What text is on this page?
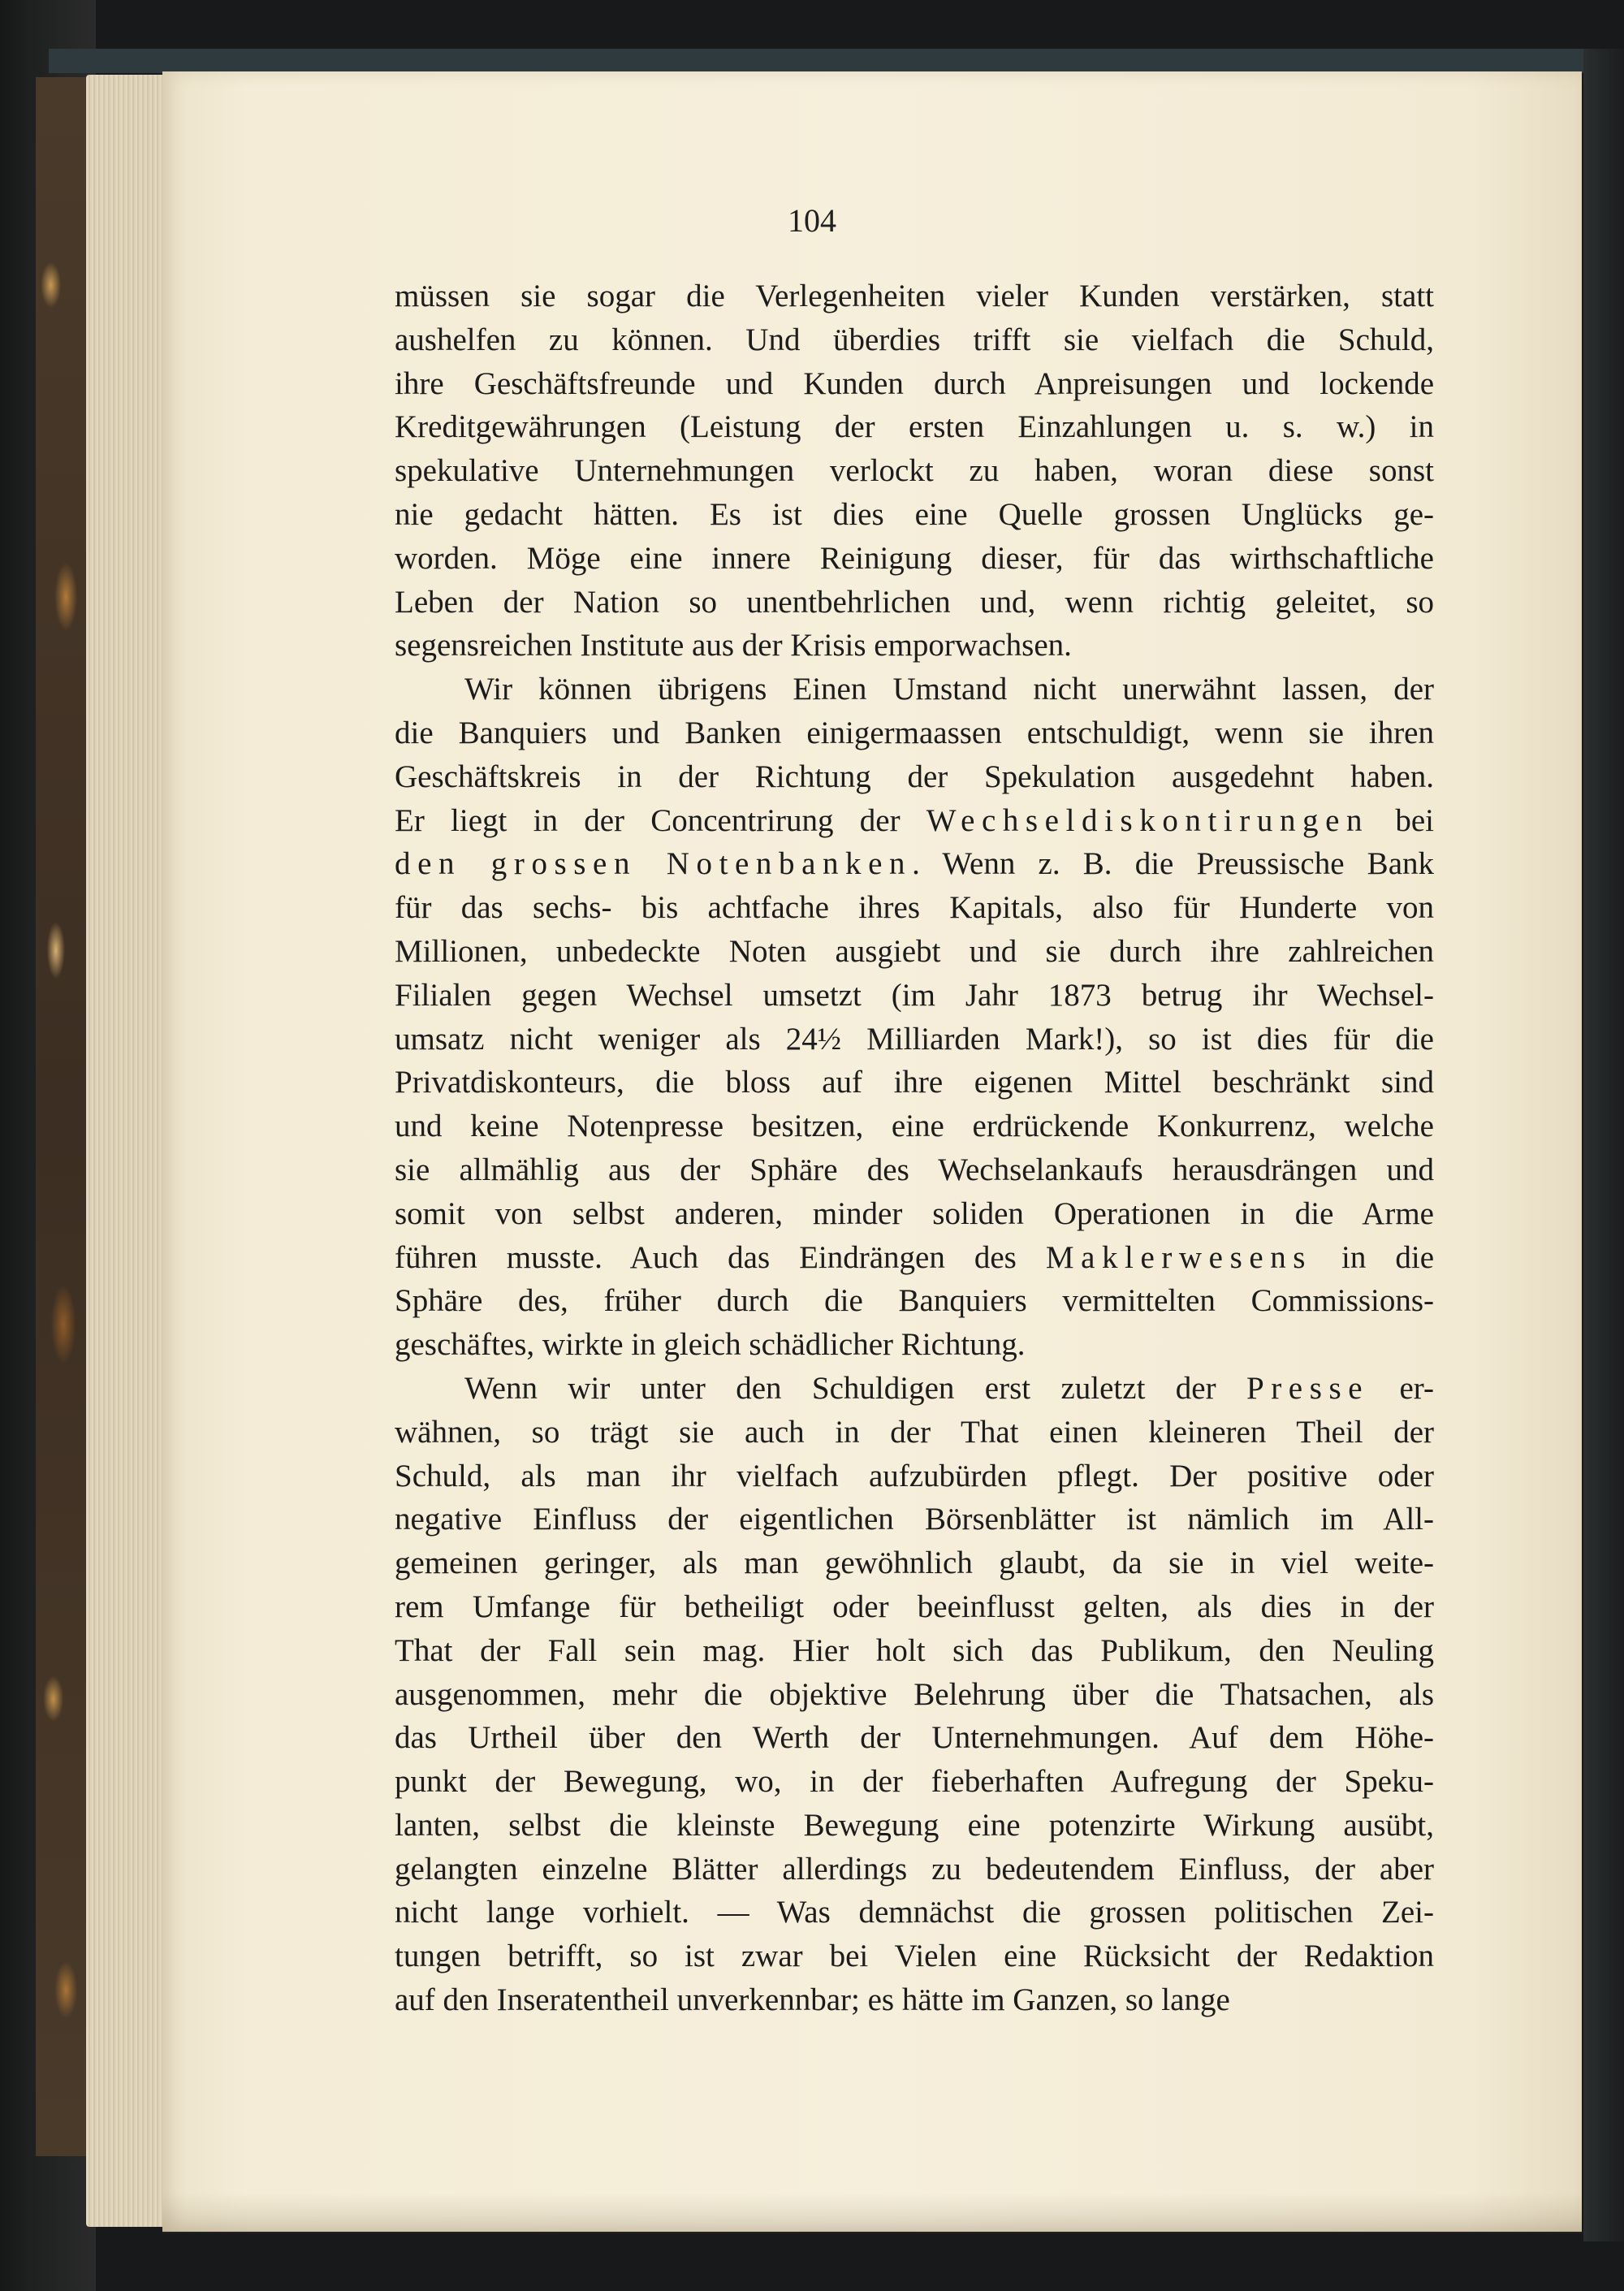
104

müssen sie sogar die Verlegenheiten vieler Kunden verstärken, statt

aushelfen zu können. Und überdies trifft sie vielfach die Schuld,

ihre Geschäftsfreunde und Kunden durch Anpreisungen und lockende

Kreditgewährungen (Leistung der ersten Einzahlungen u. s. w.) in

spekulative Unternehmungen verlockt zu haben, woran diese sonst

nie gedacht hätten. Es ist dies eine Quelle grossen Unglücks ge-

worden. Möge eine innere Reinigung dieser, für das wirthschaftliche

Leben der Nation so unentbehrlichen und, wenn richtig geleitet, so

segensreichen Institute aus der Krisis emporwachsen.

Wir können übrigens Einen Umstand nicht unerwähnt lassen, der

die Banquiers und Banken einigermaassen entschuldigt, wenn sie ihren

Geschäftskreis in der Richtung der Spekulation ausgedehnt haben.

Er liegt in der Concentrirung der Wechseldiskontirungen bei

den grossen Notenbanken. Wenn z. B. die Preussische Bank

für das sechs- bis achtfache ihres Kapitals, also für Hunderte von

Millionen, unbedeckte Noten ausgiebt und sie durch ihre zahlreichen

Filialen gegen Wechsel umsetzt (im Jahr 1873 betrug ihr Wechsel-

umsatz nicht weniger als 24½ Milliarden Mark!), so ist dies für die

Privatdiskonteurs, die bloss auf ihre eigenen Mittel beschränkt sind

und keine Notenpresse besitzen, eine erdrückende Konkurrenz, welche

sie allmählig aus der Sphäre des Wechselankaufs herausdrängen und

somit von selbst anderen, minder soliden Operationen in die Arme

führen musste. Auch das Eindrängen des Maklerwesens in die

Sphäre des, früher durch die Banquiers vermittelten Commissions-

geschäftes, wirkte in gleich schädlicher Richtung.

Wenn wir unter den Schuldigen erst zuletzt der Presse er-

wähnen, so trägt sie auch in der That einen kleineren Theil der

Schuld, als man ihr vielfach aufzubürden pflegt. Der positive oder

negative Einfluss der eigentlichen Börsenblätter ist nämlich im All-

gemeinen geringer, als man gewöhnlich glaubt, da sie in viel weite-

rem Umfange für betheiligt oder beeinflusst gelten, als dies in der

That der Fall sein mag. Hier holt sich das Publikum, den Neuling

ausgenommen, mehr die objektive Belehrung über die Thatsachen, als

das Urtheil über den Werth der Unternehmungen. Auf dem Höhe-

punkt der Bewegung, wo, in der fieberhaften Aufregung der Speku-

lanten, selbst die kleinste Bewegung eine potenzirte Wirkung ausübt,

gelangten einzelne Blätter allerdings zu bedeutendem Einfluss, der aber

nicht lange vorhielt. — Was demnächst die grossen politischen Zei-

tungen betrifft, so ist zwar bei Vielen eine Rücksicht der Redaktion

auf den Inseratentheil unverkennbar; es hätte im Ganzen, so lange
